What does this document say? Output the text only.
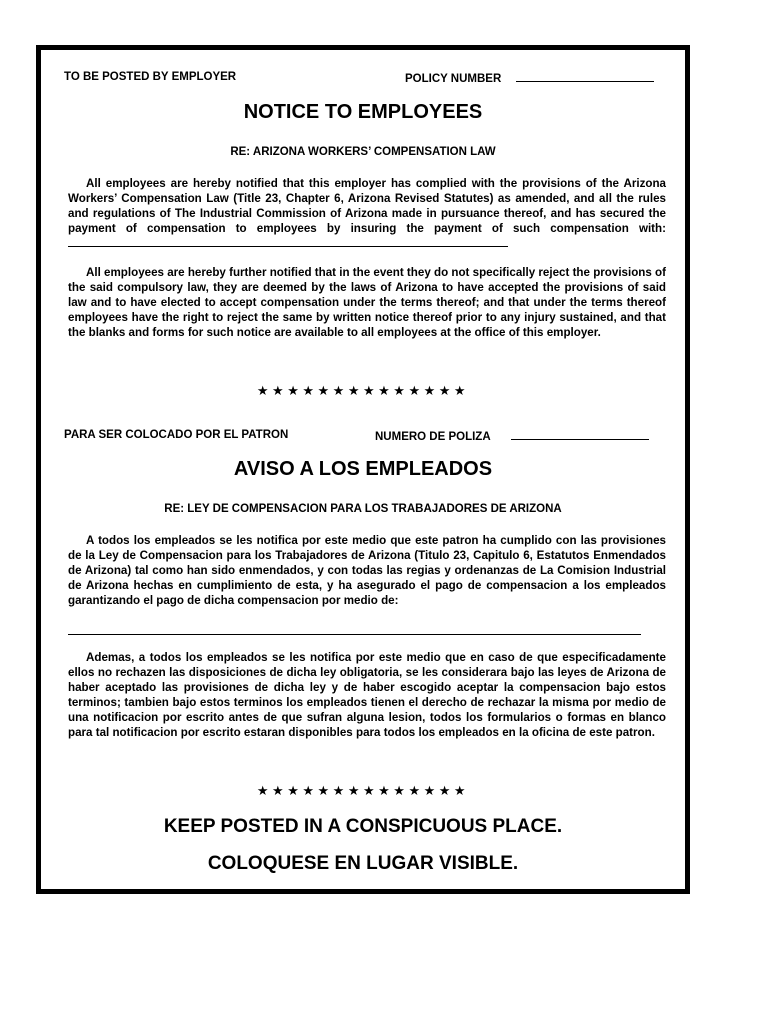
TO BE POSTED BY EMPLOYER	POLICY NUMBER
NOTICE TO EMPLOYEES
RE: ARIZONA WORKERS’ COMPENSATION LAW
All employees are hereby notified that this employer has complied with the provisions of the Arizona Workers’ Compensation Law (Title 23, Chapter 6, Arizona Revised Statutes) as amended, and all the rules and regulations of The Industrial Commission of Arizona made in pursuance thereof, and has secured the payment of compensation to employees by insuring the payment of such compensation with:
All employees are hereby further notified that in the event they do not specifically reject the provisions of the said compulsory law, they are deemed by the laws of Arizona to have accepted the provisions of said law and to have elected to accept compensation under the terms thereof; and that under the terms thereof employees have the right to reject the same by written notice thereof prior to any injury sustained, and that the blanks and forms for such notice are available to all employees at the office of this employer.
★★★★★★★★★★★★★★
PARA SER COLOCADO POR EL PATRON	NUMERO DE POLIZA
AVISO A LOS EMPLEADOS
RE: LEY DE COMPENSACION PARA LOS TRABAJADORES DE ARIZONA
A todos los empleados se les notifica por este medio que este patron ha cumplido con las provisiones de la Ley de Compensacion para los Trabajadores de Arizona (Titulo 23, Capitulo 6, Estatutos Enmendados de Arizona) tal como han sido enmendados, y con todas las regias y ordenanzas de La Comision Industrial de Arizona hechas en cumplimiento de esta, y ha asegurado el pago de compensacion a los empleados garantizando el pago de dicha compensacion por medio de:
Ademas, a todos los empleados se les notifica por este medio que en caso de que especificadamente ellos no rechazen las disposiciones de dicha ley obligatoria, se les considerara bajo las leyes de Arizona de haber aceptado las provisiones de dicha ley y de haber escogido aceptar la compensacion bajo estos terminos; tambien bajo estos terminos los empleados tienen el derecho de rechazar la misma por medio de una notificacion por escrito antes de que sufran alguna lesion, todos los formularios o formas en blanco para tal notificacion por escrito estaran disponibles para todos los empleados en la oficina de este patron.
★★★★★★★★★★★★★★
KEEP POSTED IN A CONSPICUOUS PLACE.
COLOQUESE EN LUGAR VISIBLE.
